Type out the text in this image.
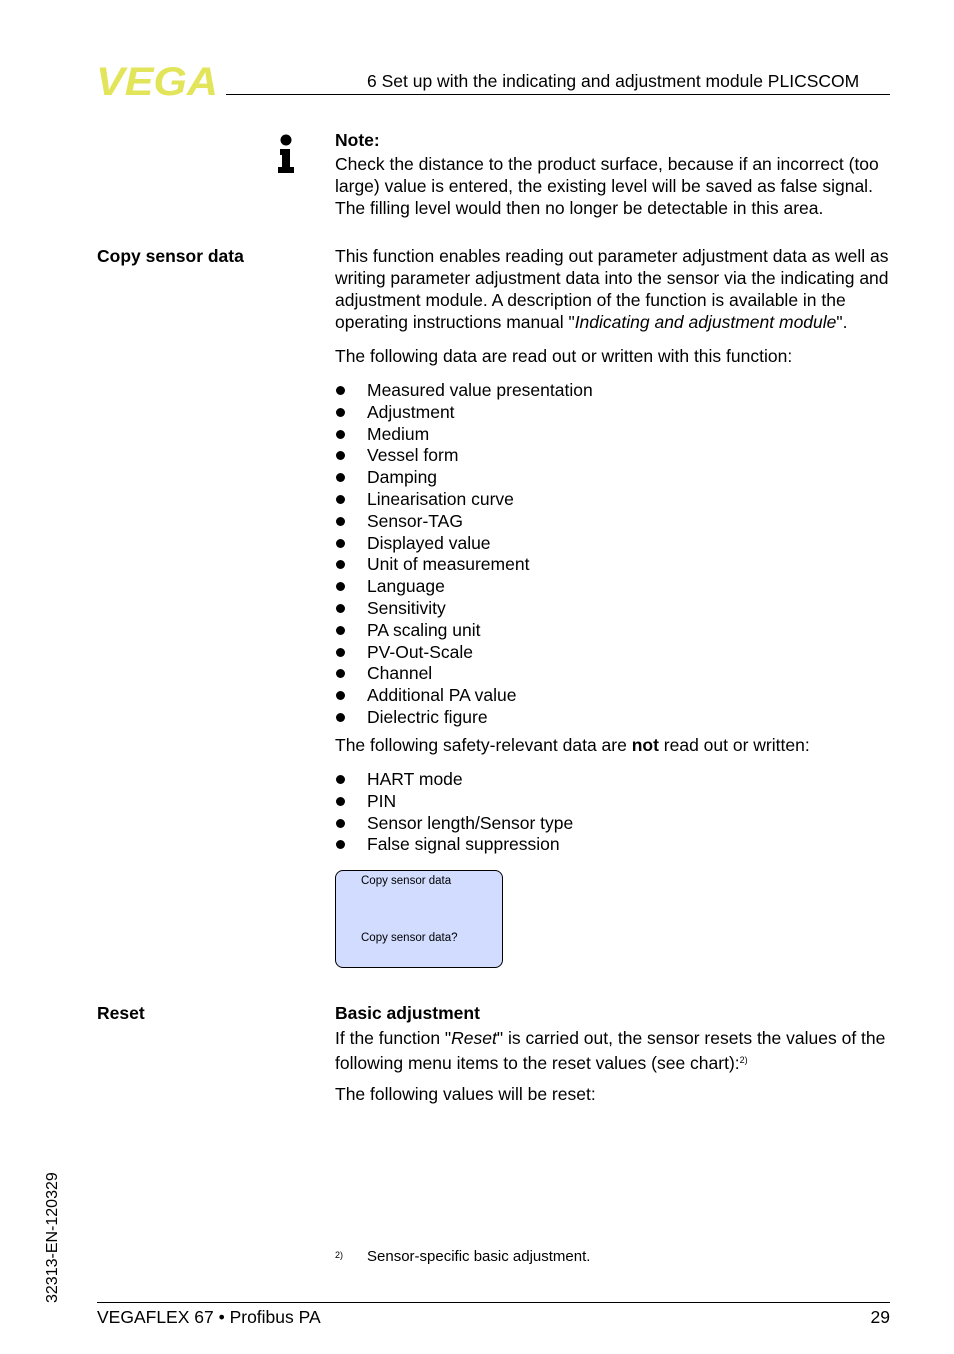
VEGA	6 Set up with the indicating and adjustment module PLICSCOM
Note:
Check the distance to the product surface, because if an incorrect (too large) value is entered, the existing level will be saved as false signal. The filling level would then no longer be detectable in this area.
Copy sensor data	This function enables reading out parameter adjustment data as well as writing parameter adjustment data into the sensor via the indicating and adjustment module. A description of the function is available in the operating instructions manual "Indicating and adjustment module".
The following data are read out or written with this function:
Measured value presentation
Adjustment
Medium
Vessel form
Damping
Linearisation curve
Sensor-TAG
Displayed value
Unit of measurement
Language
Sensitivity
PA scaling unit
PV-Out-Scale
Channel
Additional PA value
Dielectric figure
The following safety-relevant data are not read out or written:
HART mode
PIN
Sensor length/Sensor type
False signal suppression
Copy sensor data
Copy sensor data?
Reset	Basic adjustment
If the function "Reset" is carried out, the sensor resets the values of the following menu items to the reset values (see chart):$^{2)}$
The following values will be reset:
2) Sensor-specific basic adjustment.
32313-EN-120329
VEGAFLEX 67 • Profibus PA	29
